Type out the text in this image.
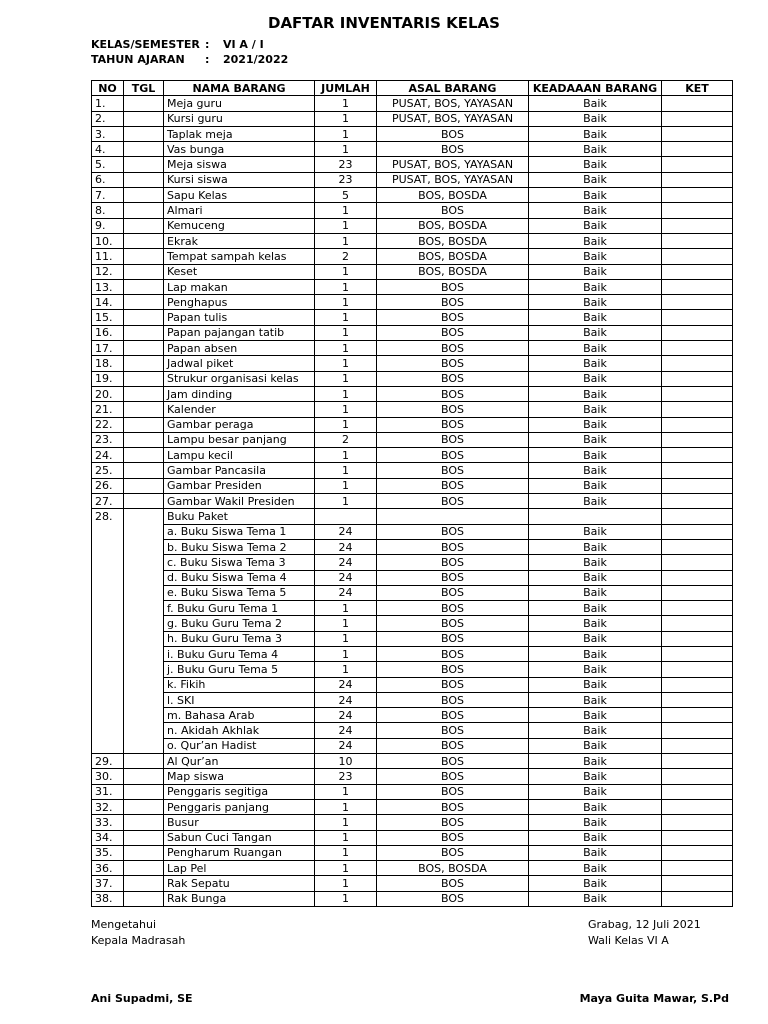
DAFTAR INVENTARIS KELAS
KELAS/SEMESTER : VI A / I
TAHUN AJARAN : 2021/2022
NO	TGL	NAMA BARANG	JUMLAH	ASAL BARANG	KEADAAAN BARANG	KET
1.		Meja guru	1	PUSAT, BOS, YAYASAN	Baik	
2.		Kursi guru	1	PUSAT, BOS, YAYASAN	Baik	
3.		Taplak meja	1	BOS	Baik	
4.		Vas bunga	1	BOS	Baik	
5.		Meja siswa	23	PUSAT, BOS, YAYASAN	Baik	
6.		Kursi siswa	23	PUSAT, BOS, YAYASAN	Baik	
7.		Sapu Kelas	5	BOS, BOSDA	Baik	
8.		Almari	1	BOS	Baik	
9.		Kemuceng	1	BOS, BOSDA	Baik	
10.		Ekrak	1	BOS, BOSDA	Baik	
11.		Tempat sampah kelas	2	BOS, BOSDA	Baik	
12.		Keset	1	BOS, BOSDA	Baik	
13.		Lap makan	1	BOS	Baik	
14.		Penghapus	1	BOS	Baik	
15.		Papan tulis	1	BOS	Baik	
16.		Papan pajangan tatib	1	BOS	Baik	
17.		Papan absen	1	BOS	Baik	
18.		Jadwal piket	1	BOS	Baik	
19.		Strukur organisasi kelas	1	BOS	Baik	
20.		Jam dinding	1	BOS	Baik	
21.		Kalender	1	BOS	Baik	
22.		Gambar peraga	1	BOS	Baik	
23.		Lampu besar panjang	2	BOS	Baik	
24.		Lampu kecil	1	BOS	Baik	
25.		Gambar Pancasila	1	BOS	Baik	
26.		Gambar Presiden	1	BOS	Baik	
27.		Gambar Wakil Presiden	1	BOS	Baik	
28.		Buku Paket				
		a. Buku Siswa Tema 1	24	BOS	Baik	
		b. Buku Siswa Tema 2	24	BOS	Baik	
		c. Buku Siswa Tema 3	24	BOS	Baik	
		d. Buku Siswa Tema 4	24	BOS	Baik	
		e. Buku Siswa Tema 5	24	BOS	Baik	
		f. Buku Guru Tema 1	1	BOS	Baik	
		g. Buku Guru Tema 2	1	BOS	Baik	
		h. Buku Guru Tema 3	1	BOS	Baik	
		i. Buku Guru Tema 4	1	BOS	Baik	
		j. Buku Guru Tema 5	1	BOS	Baik	
		k. Fikih	24	BOS	Baik	
		l. SKI	24	BOS	Baik	
		m. Bahasa Arab	24	BOS	Baik	
		n. Akidah Akhlak	24	BOS	Baik	
		o. Qur’an Hadist	24	BOS	Baik	
29.		Al Qur’an	10	BOS	Baik	
30.		Map siswa	23	BOS	Baik	
31.		Penggaris segitiga	1	BOS	Baik	
32.		Penggaris panjang	1	BOS	Baik	
33.		Busur	1	BOS	Baik	
34.		Sabun Cuci Tangan	1	BOS	Baik	
35.		Pengharum Ruangan	1	BOS	Baik	
36.		Lap Pel	1	BOS, BOSDA	Baik	
37.		Rak Sepatu	1	BOS	Baik	
38.		Rak Bunga	1	BOS	Baik	
Mengetahui
Kepala Madrasah
Grabag, 12 Juli 2021
Wali Kelas VI A
Ani Supadmi, SE	Maya Guita Mawar, S.Pd
